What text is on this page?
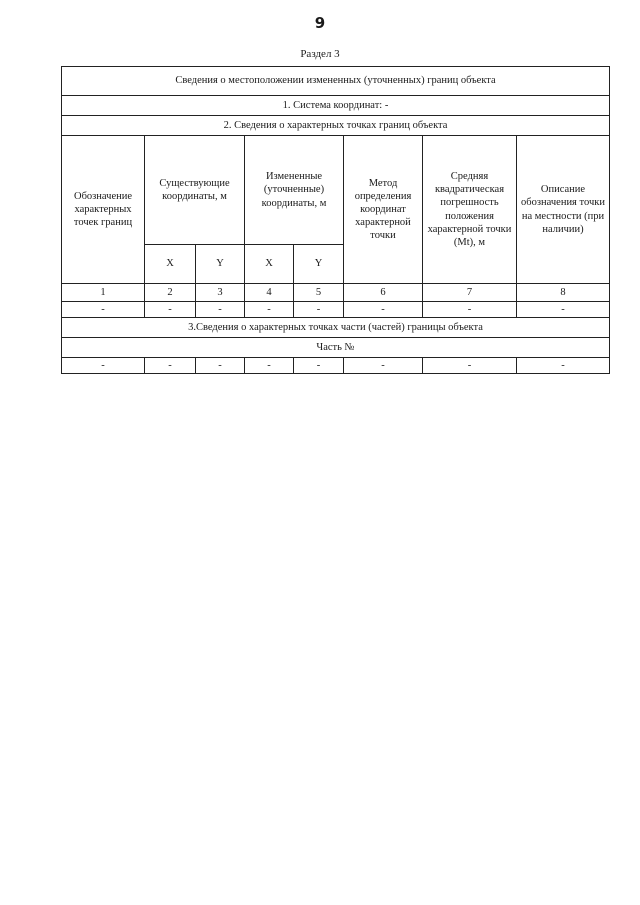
9
Раздел 3
Сведения о местоположении измененных (уточненных) границ объекта							
1. Система координат: -							
2. Сведения о характерных точках границ объекта							
Обозначение характерных точек границ	Существующие координаты, м		Измененные (уточненные) координаты, м		Метод определения координат характерной точки	Средняя квадратическая погрешность положения характерной точки (Mt), м	Описание обозначения точки на местности (при наличии)
	X	Y	X	Y			
1	2	3	4	5	6	7	8
-	-	-	-	-	-	-	-
3.Сведения о характерных точках части (частей) границы объекта							
Часть №							
-	-	-	-	-	-	-	-
